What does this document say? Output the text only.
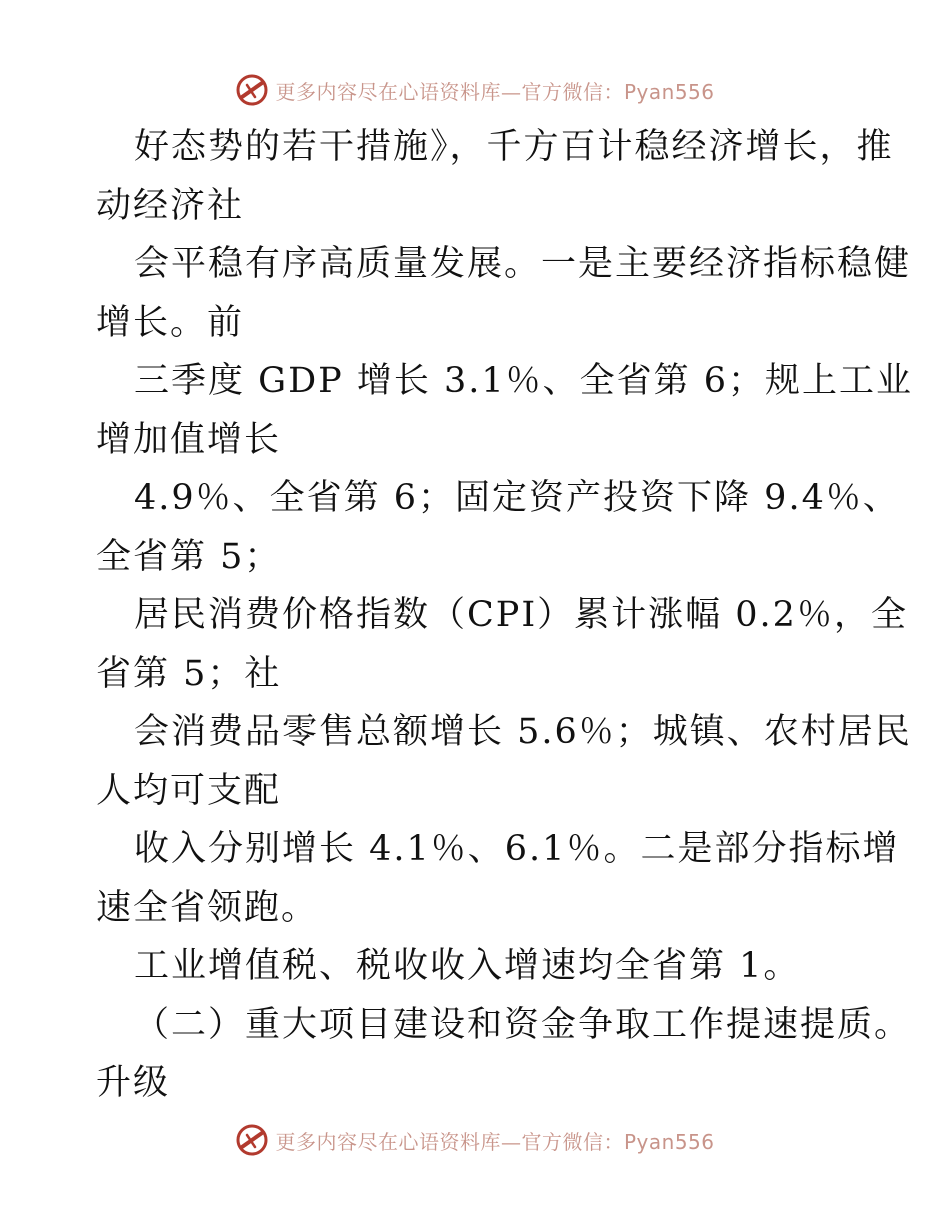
更多内容尽在心语资料库—官方微信：Pyan556
好态势的若干措施》，千方百计稳经济增长，推
动经济社
会平稳有序高质量发展。一是主要经济指标稳健
增长。前
三季度 GDP 增长 3.1％、全省第 6；规上工业
增加值增长
4.9％、全省第 6；固定资产投资下降 9.4％、
全省第 5；
居民消费价格指数（CPI）累计涨幅 0.2％，全
省第 5；社
会消费品零售总额增长 5.6％；城镇、农村居民
人均可支配
收入分别增长 4.1％、6.1％。二是部分指标增
速全省领跑。
工业增值税、税收收入增速均全省第 1。
（二）重大项目建设和资金争取工作提速提质。
升级
更多内容尽在心语资料库—官方微信：Pyan556
